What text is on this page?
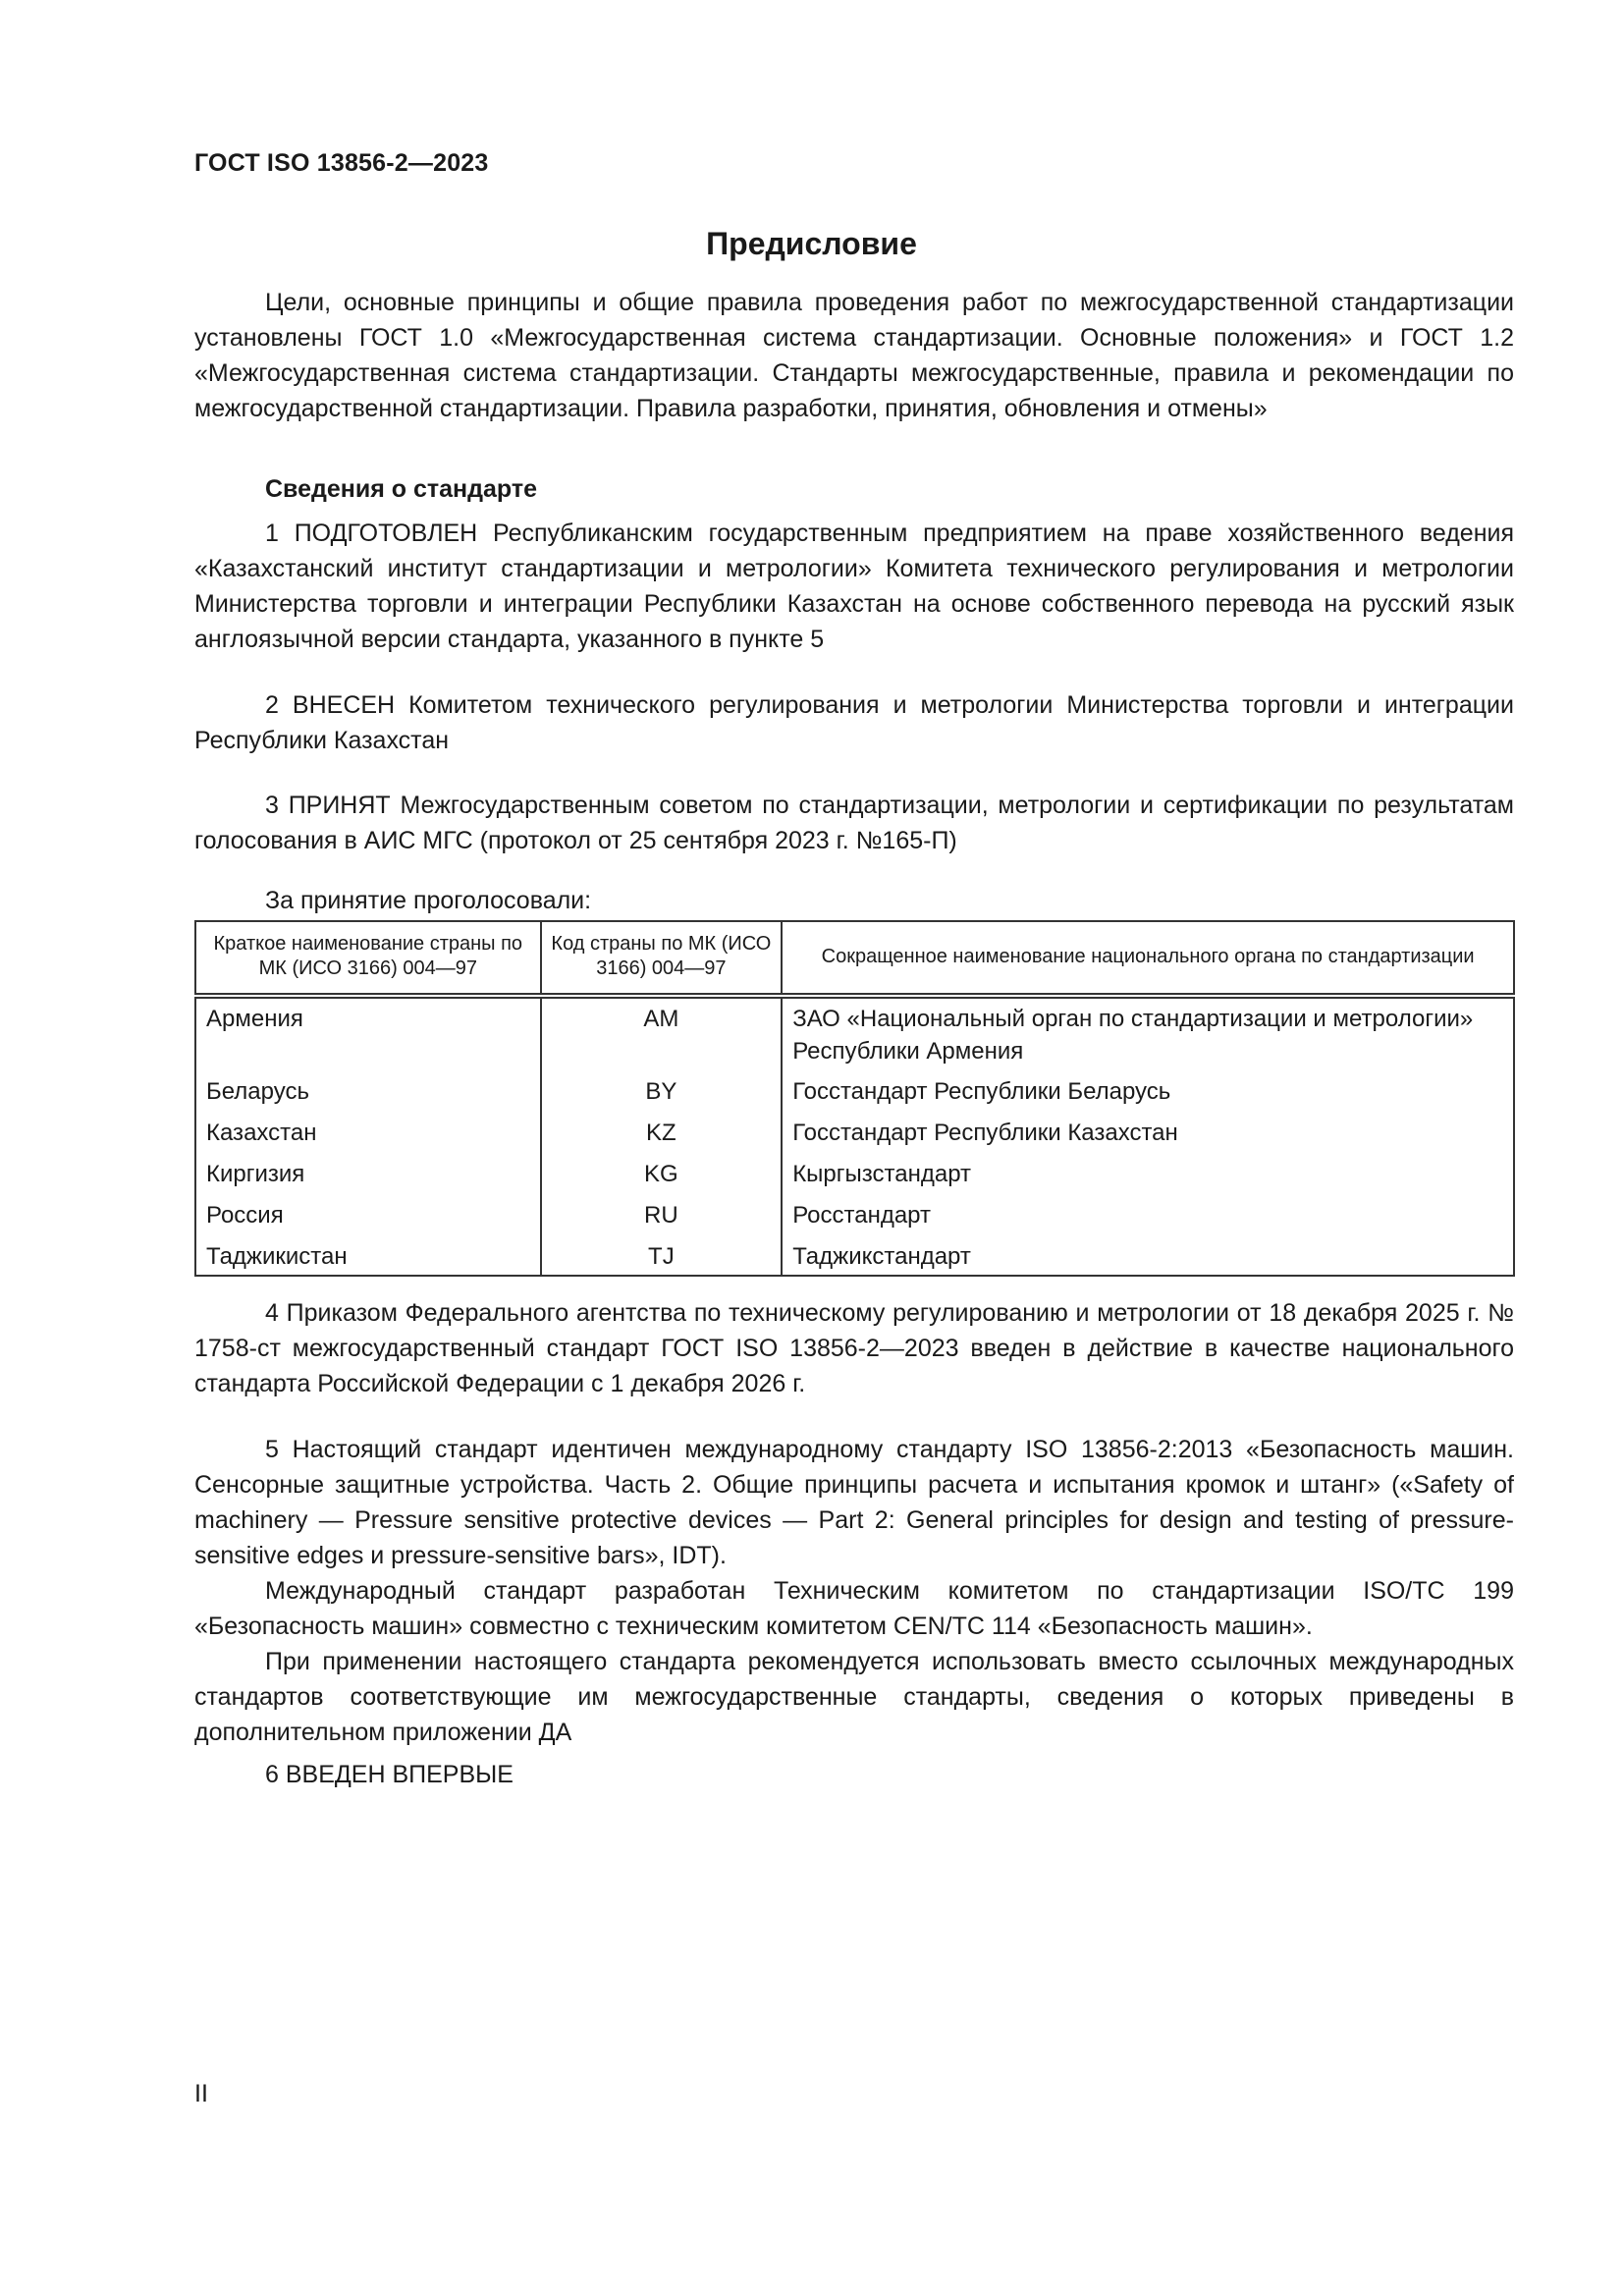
ГОСТ ISO 13856-2—2023
Предисловие

Цели, основные принципы и общие правила проведения работ по межгосударственной стандартизации установлены ГОСТ 1.0 «Межгосударственная система стандартизации. Основные положения» и ГОСТ 1.2 «Межгосударственная система стандартизации. Стандарты межгосударственные, правила и рекомендации по межгосударственной стандартизации. Правила разработки, принятия, обновления и отмены»

Сведения о стандарте

1 ПОДГОТОВЛЕН Республиканским государственным предприятием на праве хозяйственного ведения «Казахстанский институт стандартизации и метрологии» Комитета технического регулирования и метрологии Министерства торговли и интеграции Республики Казахстан на основе собственного перевода на русский язык англоязычной версии стандарта, указанного в пункте 5

2 ВНЕСЕН Комитетом технического регулирования и метрологии Министерства торговли и интеграции Республики Казахстан

3 ПРИНЯТ Межгосударственным советом по стандартизации, метрологии и сертификации по результатам голосования в АИС МГС (протокол от 25 сентября 2023 г. №165-П)

За принятие проголосовали:
Краткое наименование страны по МК (ИСО 3166) 004—97	Код страны по МК (ИСО 3166) 004—97	Сокращенное наименование национального органа по стандартизации
Армения	AM	ЗАО «Национальный орган по стандартизации и метрологии» Республики Армения
Беларусь	BY	Госстандарт Республики Беларусь
Казахстан	KZ	Госстандарт Республики Казахстан
Киргизия	KG	Кыргызстандарт
Россия	RU	Росстандарт
Таджикистан	TJ	Таджикстандарт

4 Приказом Федерального агентства по техническому регулированию и метрологии от 18 декабря 2025 г. № 1758-ст межгосударственный стандарт ГОСТ ISO 13856-2—2023 введен в действие в качестве национального стандарта Российской Федерации с 1 декабря 2026 г.

5 Настоящий стандарт идентичен международному стандарту ISO 13856-2:2013 «Безопасность машин. Сенсорные защитные устройства. Часть 2. Общие принципы расчета и испытания кромок и штанг» («Safety of machinery — Pressure sensitive protective devices — Part 2: General principles for design and testing of pressure-sensitive edges и pressure-sensitive bars», IDT).

Международный стандарт разработан Техническим комитетом по стандартизации ISO/TC 199 «Безопасность машин» совместно с техническим комитетом CEN/TC 114 «Безопасность машин».

При применении настоящего стандарта рекомендуется использовать вместо ссылочных международных стандартов соответствующие им межгосударственные стандарты, сведения о которых приведены в дополнительном приложении ДА

6 ВВЕДЕН ВПЕРВЫЕ
II
